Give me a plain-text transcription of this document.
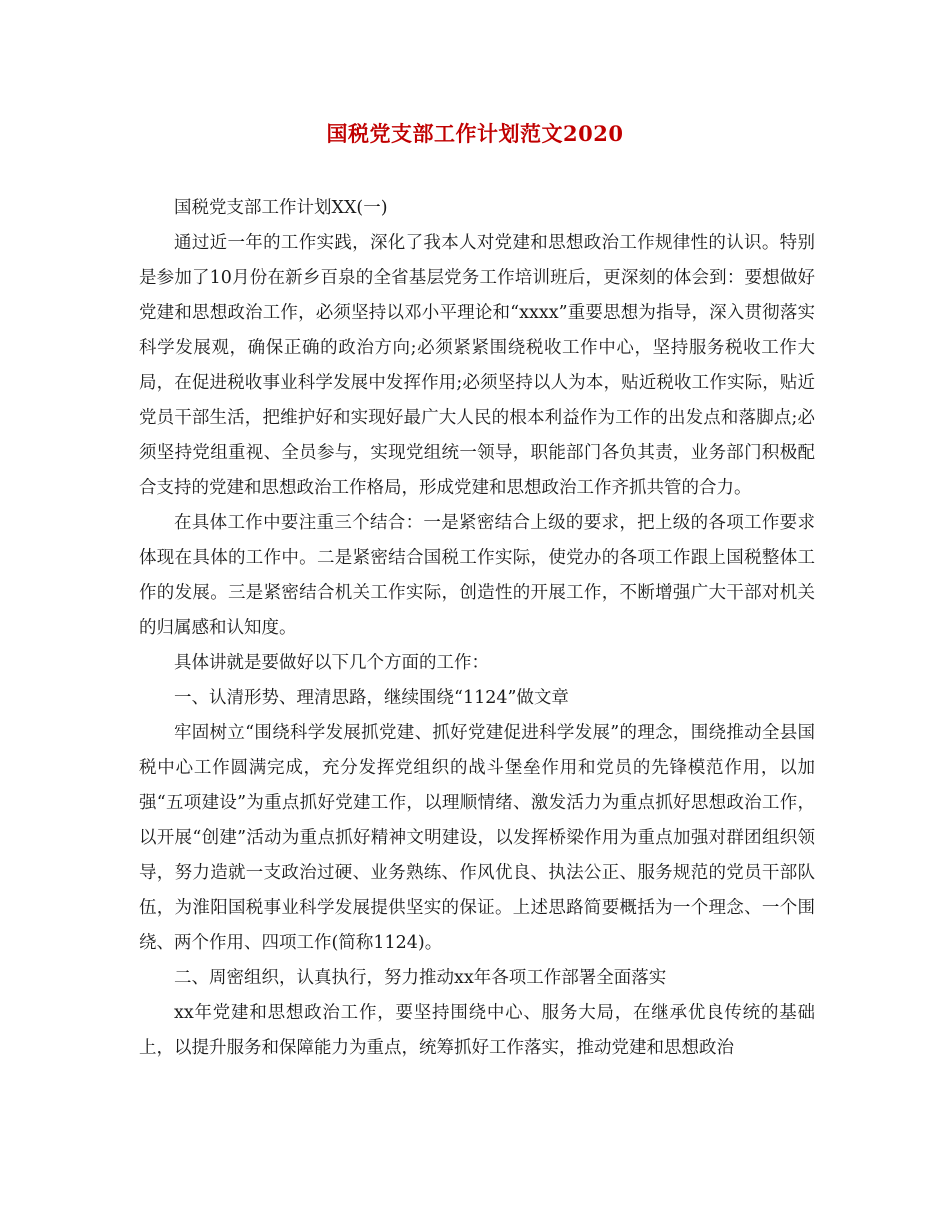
国税党支部工作计划范文2020

国税党支部工作计划XX(一)

通过近一年的工作实践，深化了我本人对党建和思想政治工作规律性的认识。特别是参加了10月份在新乡百泉的全省基层党务工作培训班后，更深刻的体会到：要想做好党建和思想政治工作，必须坚持以邓小平理论和“xxxx”重要思想为指导，深入贯彻落实科学发展观，确保正确的政治方向;必须紧紧围绕税收工作中心，坚持服务税收工作大局，在促进税收事业科学发展中发挥作用;必须坚持以人为本，贴近税收工作实际，贴近党员干部生活，把维护好和实现好最广大人民的根本利益作为工作的出发点和落脚点;必须坚持党组重视、全员参与，实现党组统一领导，职能部门各负其责，业务部门积极配合支持的党建和思想政治工作格局，形成党建和思想政治工作齐抓共管的合力。

在具体工作中要注重三个结合：一是紧密结合上级的要求，把上级的各项工作要求体现在具体的工作中。二是紧密结合国税工作实际，使党办的各项工作跟上国税整体工作的发展。三是紧密结合机关工作实际，创造性的开展工作，不断增强广大干部对机关的归属感和认知度。

具体讲就是要做好以下几个方面的工作：

一、认清形势、理清思路，继续围绕“1124”做文章

牢固树立“围绕科学发展抓党建、抓好党建促进科学发展”的理念，围绕推动全县国税中心工作圆满完成，充分发挥党组织的战斗堡垒作用和党员的先锋模范作用，以加强“五项建设”为重点抓好党建工作，以理顺情绪、激发活力为重点抓好思想政治工作，以开展“创建”活动为重点抓好精神文明建设，以发挥桥梁作用为重点加强对群团组织领导，努力造就一支政治过硬、业务熟练、作风优良、执法公正、服务规范的党员干部队伍，为淮阳国税事业科学发展提供坚实的保证。上述思路简要概括为一个理念、一个围绕、两个作用、四项工作(简称1124)。

二、周密组织，认真执行，努力推动xx年各项工作部署全面落实

xx年党建和思想政治工作，要坚持围绕中心、服务大局，在继承优良传统的基础上，以提升服务和保障能力为重点，统筹抓好工作落实，推动党建和思想政治
